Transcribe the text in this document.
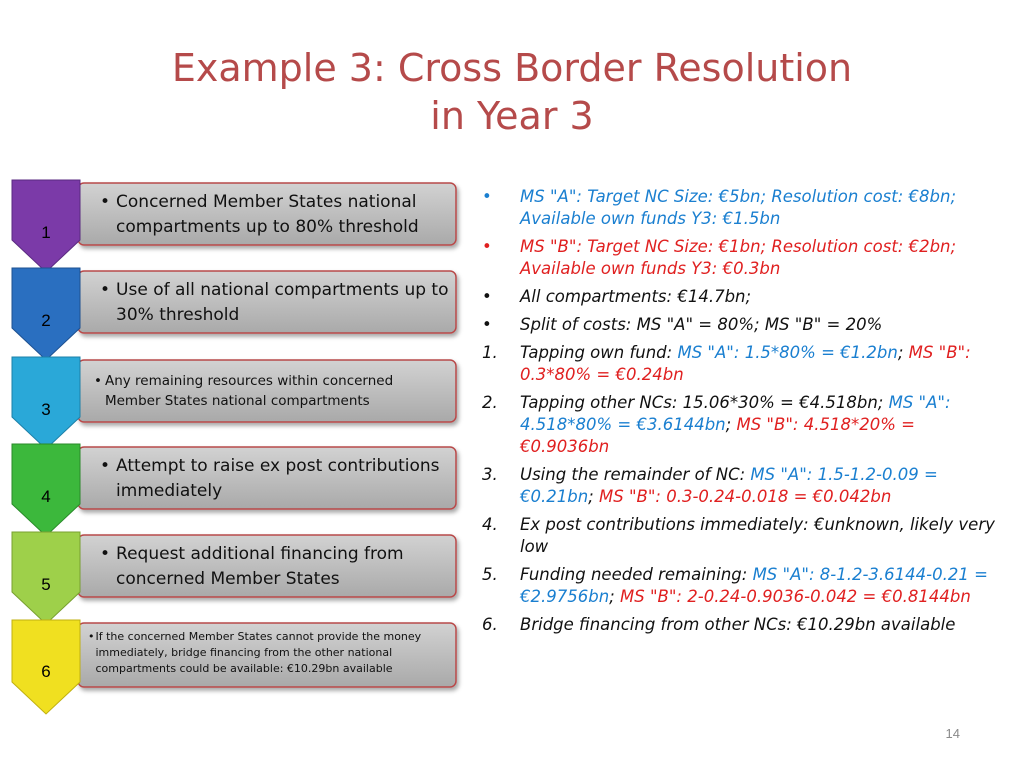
Example 3: Cross Border Resolution
in Year 3
1
2
3
4
5
6
• Concerned Member States national compartments up to 80% threshold
• Use of all national compartments up to 30% threshold
• Any remaining resources within concerned Member States national compartments
• Attempt to raise ex post contributions immediately
• Request additional financing from concerned Member States
• If the concerned Member States cannot provide the money immediately, bridge financing from the other national compartments could be available: €10.29bn available
•	MS "A": Target NC Size: €5bn; Resolution cost: €8bn; Available own funds Y3: €1.5bn
•	MS "B": Target NC Size: €1bn; Resolution cost: €2bn; Available own funds Y3: €0.3bn
•	All compartments: €14.7bn;
•	Split of costs: MS "A" = 80%; MS "B" = 20%
1.	Tapping own fund: MS "A": 1.5*80% = €1.2bn; MS "B": 0.3*80% = €0.24bn
2.	Tapping other NCs: 15.06*30% = €4.518bn; MS "A": 4.518*80% = €3.6144bn; MS "B": 4.518*20% = €0.9036bn
3.	Using the remainder of NC: MS "A": 1.5-1.2-0.09 = €0.21bn; MS "B": 0.3-0.24-0.018 = €0.042bn
4.	Ex post contributions immediately: €unknown, likely very low
5.	Funding needed remaining: MS "A": 8-1.2-3.6144-0.21 = €2.9756bn; MS "B": 2-0.24-0.9036-0.042 = €0.8144bn
6.	Bridge financing from other NCs: €10.29bn available
14
